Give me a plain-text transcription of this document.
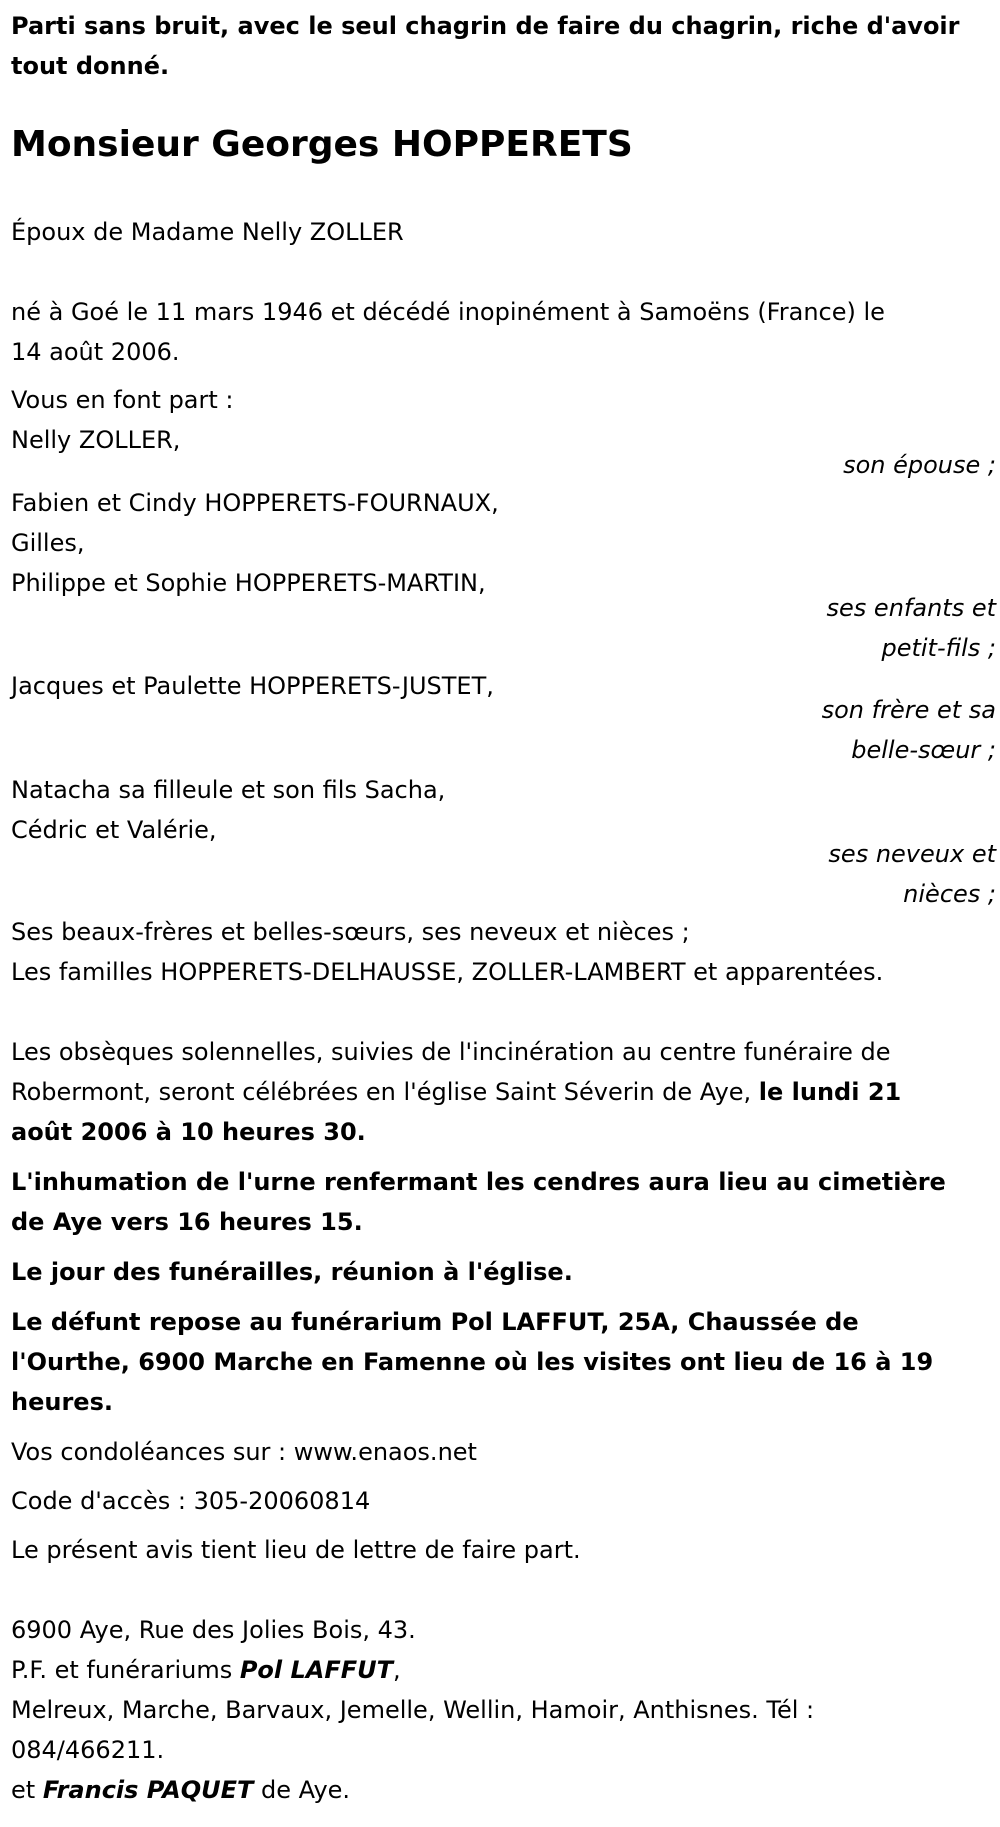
Parti sans bruit, avec le seul chagrin de faire du chagrin, riche d'avoir
tout donné.
Monsieur Georges HOPPERETS
Époux de Madame Nelly ZOLLER
né à Goé le 11 mars 1946 et décédé inopinément à Samoëns (France) le
14 août 2006.
Vous en font part :
Nelly ZOLLER,
son épouse ;
Fabien et Cindy HOPPERETS-FOURNAUX,
Gilles,
Philippe et Sophie HOPPERETS-MARTIN,
ses enfants et
petit-fils ;
Jacques et Paulette HOPPERETS-JUSTET,
son frère et sa
belle-sœur ;
Natacha sa filleule et son fils Sacha,
Cédric et Valérie,
ses neveux et
nièces ;
Ses beaux-frères et belles-sœurs, ses neveux et nièces ;
Les familles HOPPERETS-DELHAUSSE, ZOLLER-LAMBERT et apparentées.
Les obsèques solennelles, suivies de l'incinération au centre funéraire de
Robermont, seront célébrées en l'église Saint Séverin de Aye, le lundi 21
août 2006 à 10 heures 30.
L'inhumation de l'urne renfermant les cendres aura lieu au cimetière
de Aye vers 16 heures 15.
Le jour des funérailles, réunion à l'église.
Le défunt repose au funérarium Pol LAFFUT, 25A, Chaussée de
l'Ourthe, 6900 Marche en Famenne où les visites ont lieu de 16 à 19
heures.
Vos condoléances sur : www.enaos.net
Code d'accès : 305-20060814
Le présent avis tient lieu de lettre de faire part.
6900 Aye, Rue des Jolies Bois, 43.
P.F. et funérariums Pol LAFFUT,
Melreux, Marche, Barvaux, Jemelle, Wellin, Hamoir, Anthisnes. Tél :
084/466211.
et Francis PAQUET de Aye.
